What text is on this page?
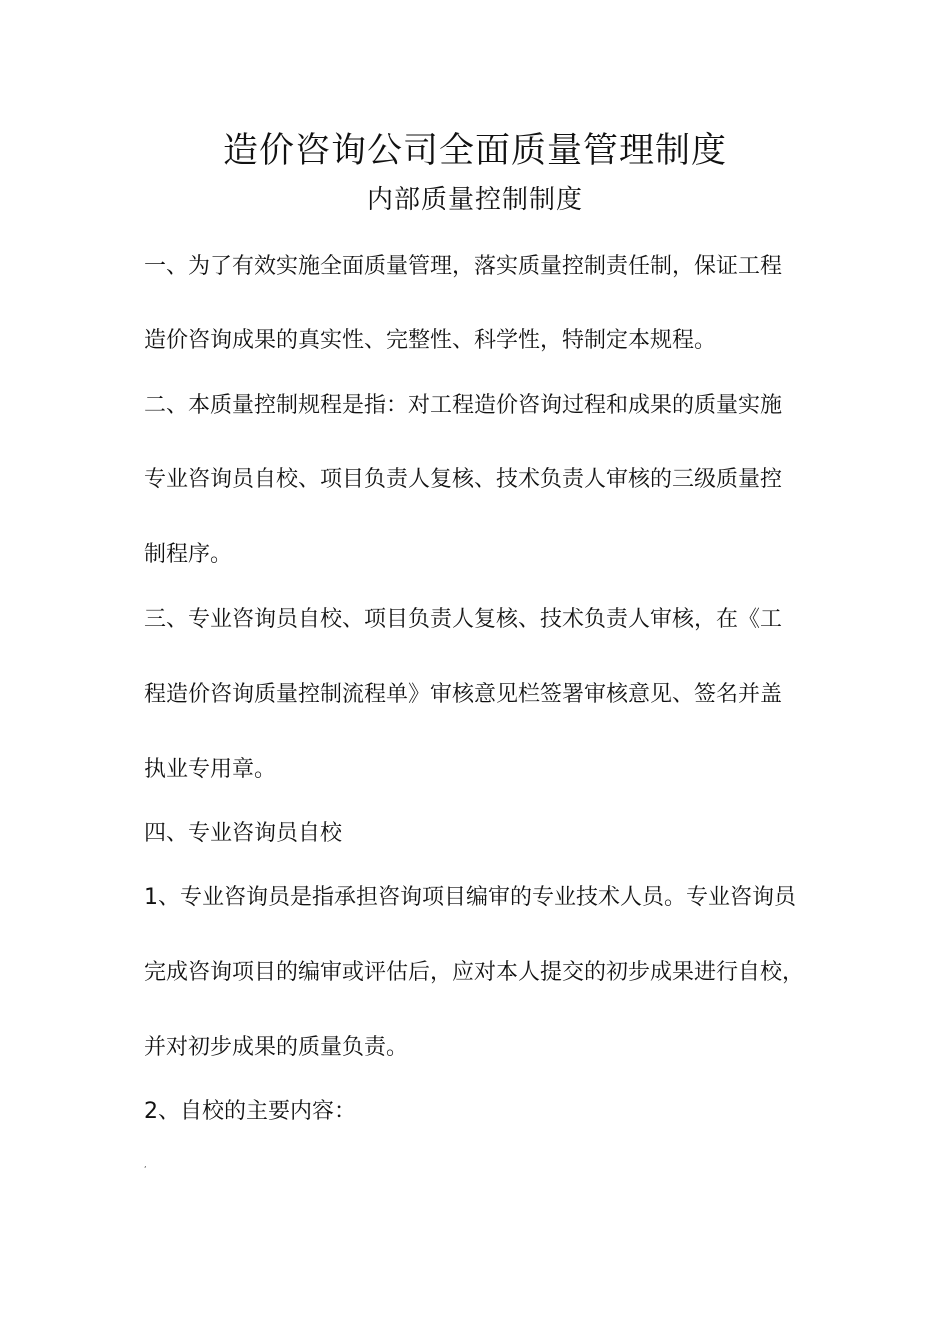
造价咨询公司全面质量管理制度
内部质量控制制度
一、为了有效实施全面质量管理，落实质量控制责任制，保证工程
造价咨询成果的真实性、完整性、科学性，特制定本规程。
二、本质量控制规程是指：对工程造价咨询过程和成果的质量实施
专业咨询员自校、项目负责人复核、技术负责人审核的三级质量控
制程序。
三、专业咨询员自校、项目负责人复核、技术负责人审核，在《工
程造价咨询质量控制流程单》审核意见栏签署审核意见、签名并盖
执业专用章。
四、专业咨询员自校
1、专业咨询员是指承担咨询项目编审的专业技术人员。专业咨询员
完成咨询项目的编审或评估后，应对本人提交的初步成果进行自校，
并对初步成果的质量负责。
2、自校的主要内容：
,
